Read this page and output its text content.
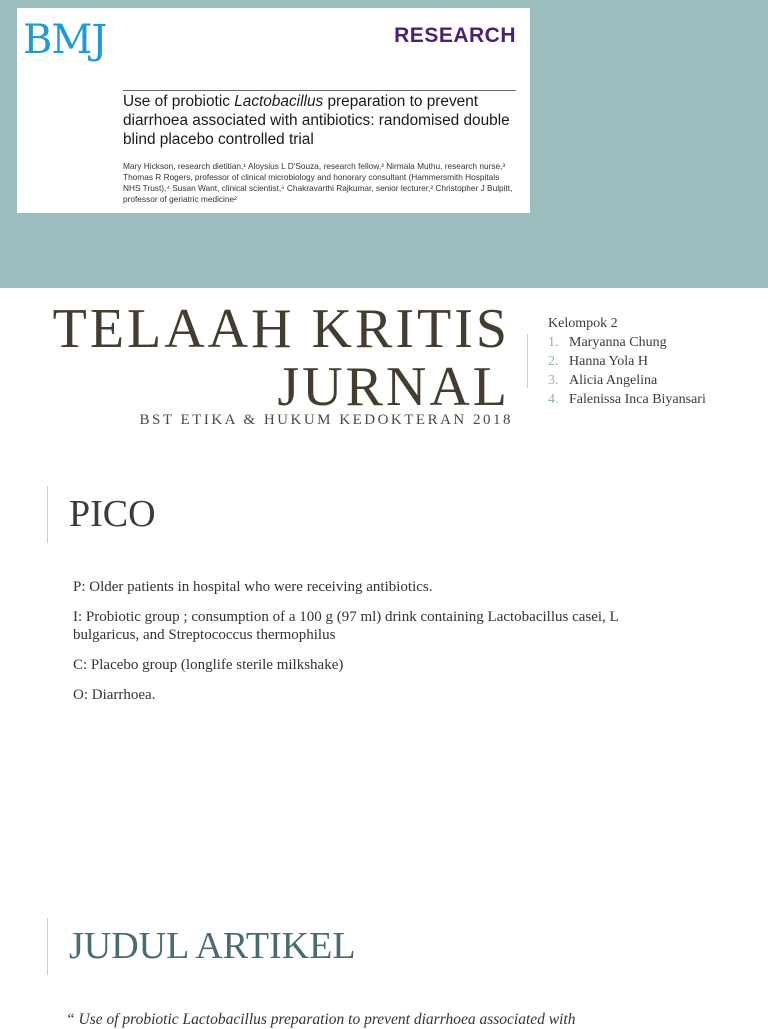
BMJ	RESEARCH
Use of probiotic Lactobacillus preparation to prevent diarrhoea associated with antibiotics: randomised double blind placebo controlled trial
Mary Hickson, research dietitian,¹ Aloysius L D'Souza, research fellow,² Nirmala Muthu, research nurse,³ Thomas R Rogers, professor of clinical microbiology and honorary consultant (Hammersmith Hospitals NHS Trust),⁴ Susan Want, clinical scientist,⁵ Chakravarthi Rajkumar, senior lecturer,² Christopher J Bulpitt, professor of geriatric medicine²
TELAAH KRITIS
JURNAL
BST ETIKA & HUKUM KEDOKTERAN 2018
Kelompok 2
1. Maryanna Chung
2. Hanna Yola H
3. Alicia Angelina
4. Falenissa Inca Biyansari
PICO

P: Older patients in hospital who were receiving antibiotics.

I: Probiotic group ; consumption of a 100 g (97 ml) drink containing Lactobacillus casei, L bulgaricus, and Streptococcus thermophilus

C: Placebo group (longlife sterile milkshake)

O: Diarrhoea.

JUDUL ARTIKEL
“ Use of probiotic Lactobacillus preparation to prevent diarrhoea associated with
